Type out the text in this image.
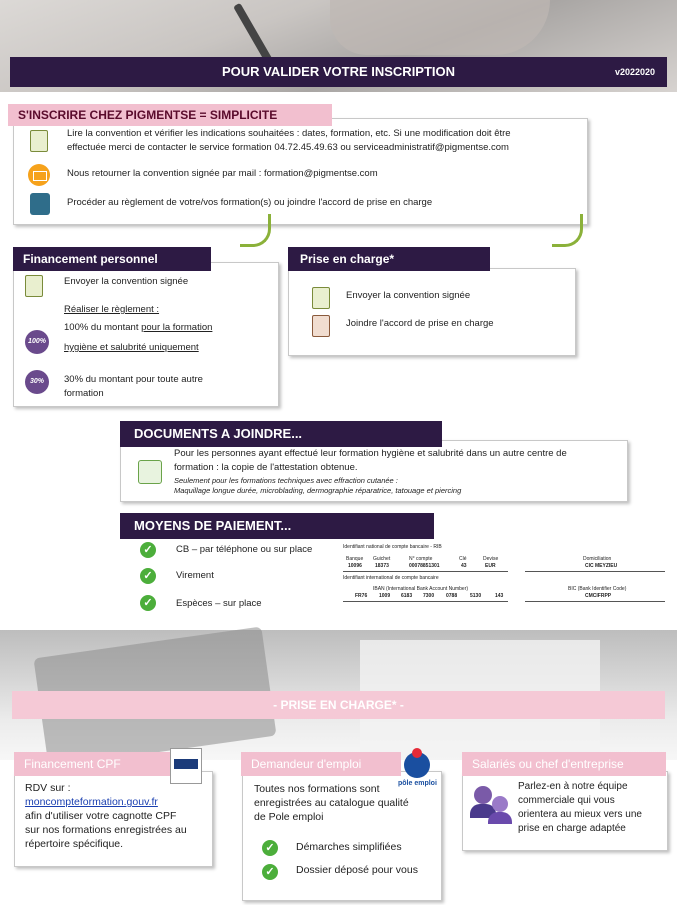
POUR VALIDER VOTRE INSCRIPTION	v2022020
S'INSCRIRE CHEZ PIGMENTSE = SIMPLICITE
Lire la convention et vérifier les indications souhaitées : dates, formation, etc. Si une modification doit être
effectuée merci de contacter le service formation 04.72.45.49.63 ou serviceadministratif@pigmentse.com
Nous retourner la convention signée par mail : formation@pigmentse.com
Procéder au règlement de votre/vos formation(s) ou joindre l'accord de prise en charge
Financement personnel
Envoyer la convention signée
Réaliser le règlement :
100%
100% du montant pour la formation
hygiène et salubrité uniquement
30%	30% du montant pour toute autre
formation
Prise en charge*
Envoyer la convention signée
Joindre l'accord de prise en charge
DOCUMENTS A JOINDRE...
Pour les personnes ayant effectué leur formation hygiène et salubrité dans un autre centre de
formation : la copie de l'attestation obtenue.
Seulement pour les formations techniques avec effraction cutanée :
Maquillage longue durée, microblading, dermographie réparatrice, tatouage et piercing
MOYENS DE PAIEMENT...
✓	CB – par téléphone ou sur place
✓	Virement
✓	Espèces – sur place
Identifiant national de compte bancaire - RIB
Banque Guichet	N° compte	Clé	Devise	Domiciliation
10096	18373	00078851301	43	EUR	CIC MEYZIEU
Identifiant international de compte bancaire
IBAN (International Bank Account Number)	BIC (Bank Identifier Code)
FR76 1009 6183 7300 0788	5130	143	CMCIFRPP
- PRISE EN CHARGE* -
Financement CPF
RDV sur :
moncompteformation.gouv.fr
afin d'utiliser votre cagnotte CPF
sur nos formations enregistrées au
répertoire spécifique.
Demandeur d'emploi
pôle emploi
Toutes nos formations sont
enregistrées au catalogue qualité
de Pole emploi
✓	Démarches simplifiées
✓	Dossier déposé pour vous
Salariés ou chef d'entreprise
Parlez-en à notre équipe
commerciale qui vous
orientera au mieux vers une
prise en charge adaptée
